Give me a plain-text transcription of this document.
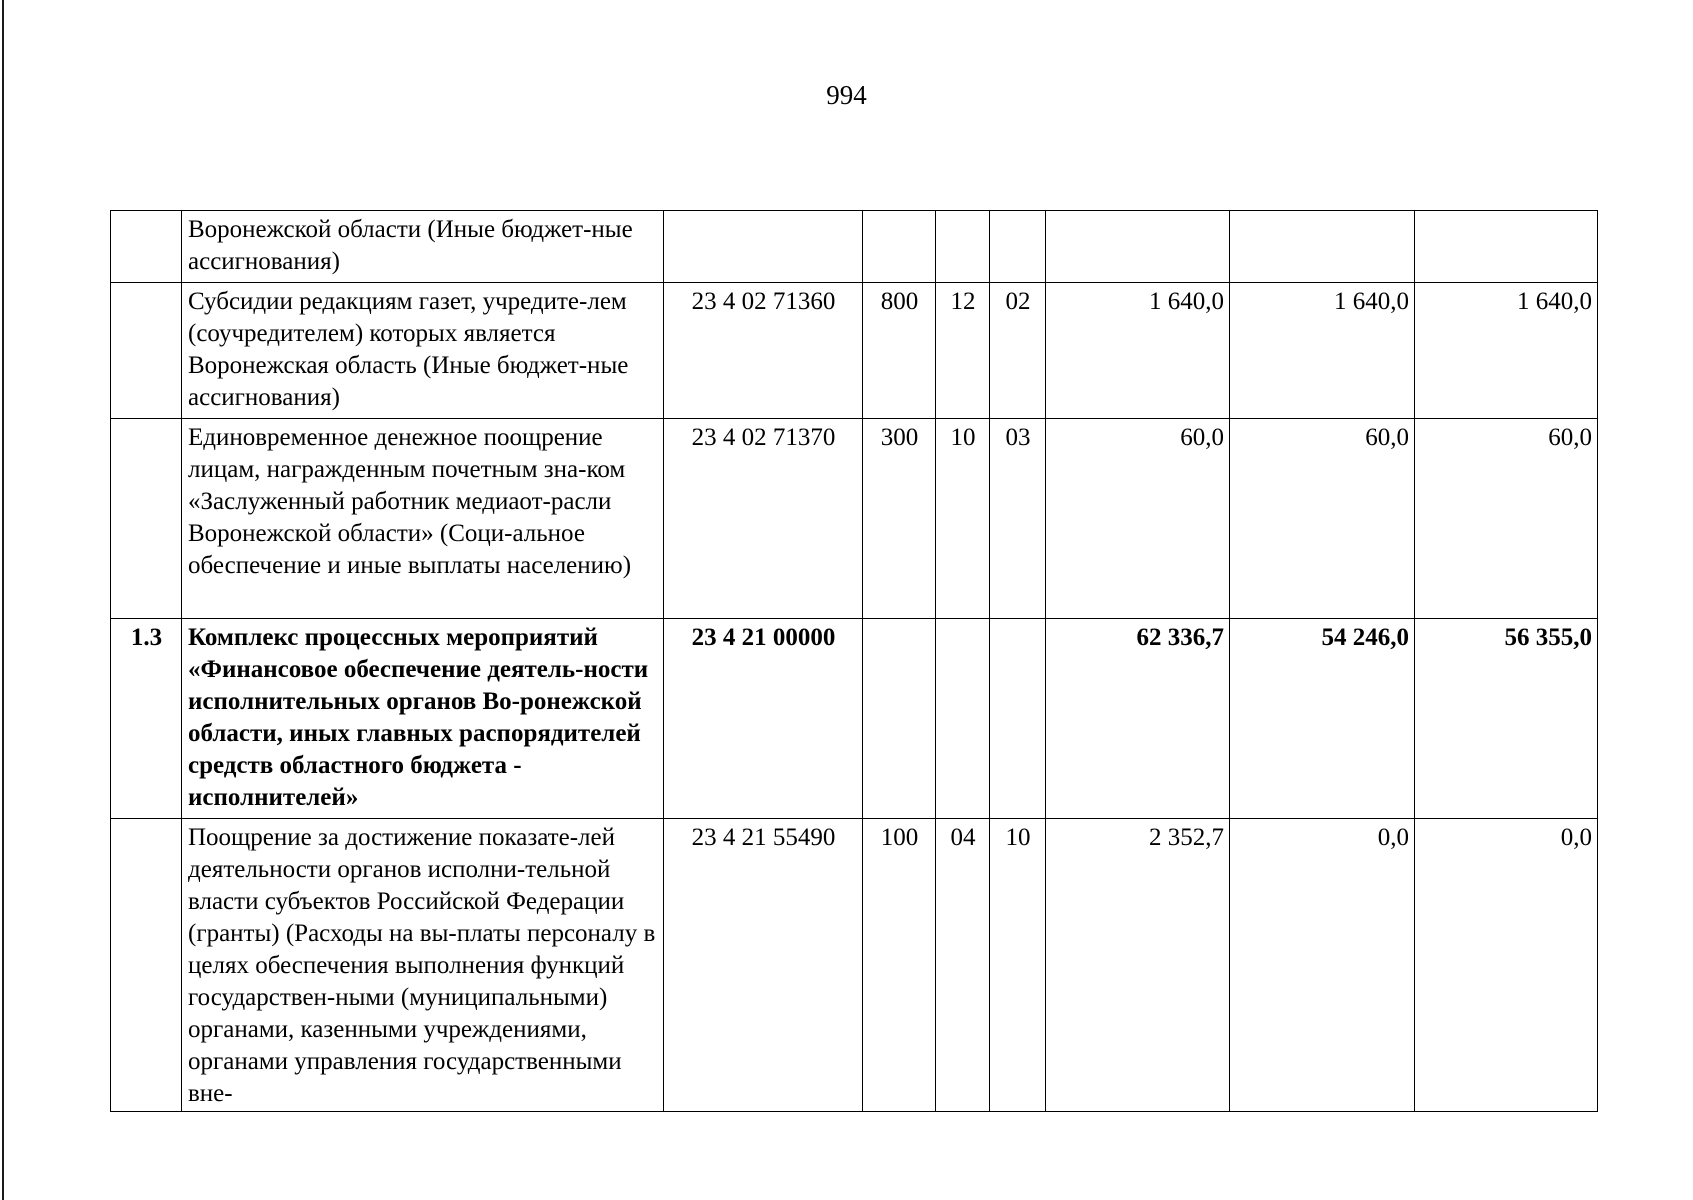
994
	Воронежской области (Иные бюджет-ные ассигнования)							
	Субсидии редакциям газет, учредите-лем (соучредителем) которых является Воронежская область (Иные бюджет-ные ассигнования)	23 4 02 71360	800	12	02	1 640,0	1 640,0	1 640,0
	Единовременное денежное поощрение лицам, награжденным почетным зна-ком «Заслуженный работник медиаот-расли Воронежской области» (Соци-альное обеспечение и иные выплаты населению)	23 4 02 71370	300	10	03	60,0	60,0	60,0
1.3	Комплекс процессных мероприятий «Финансовое обеспечение деятель-ности исполнительных органов Во-ронежской области, иных главных распорядителей средств областного бюджета - исполнителей»	23 4 21 00000				62 336,7	54 246,0	56 355,0
	Поощрение за достижение показате-лей деятельности органов исполни-тельной власти субъектов Российской Федерации (гранты) (Расходы на вы-платы персоналу в целях обеспечения выполнения функций государствен-ными (муниципальными) органами, казенными учреждениями, органами управления государственными вне-	23 4 21 55490	100	04	10	2 352,7	0,0	0,0
